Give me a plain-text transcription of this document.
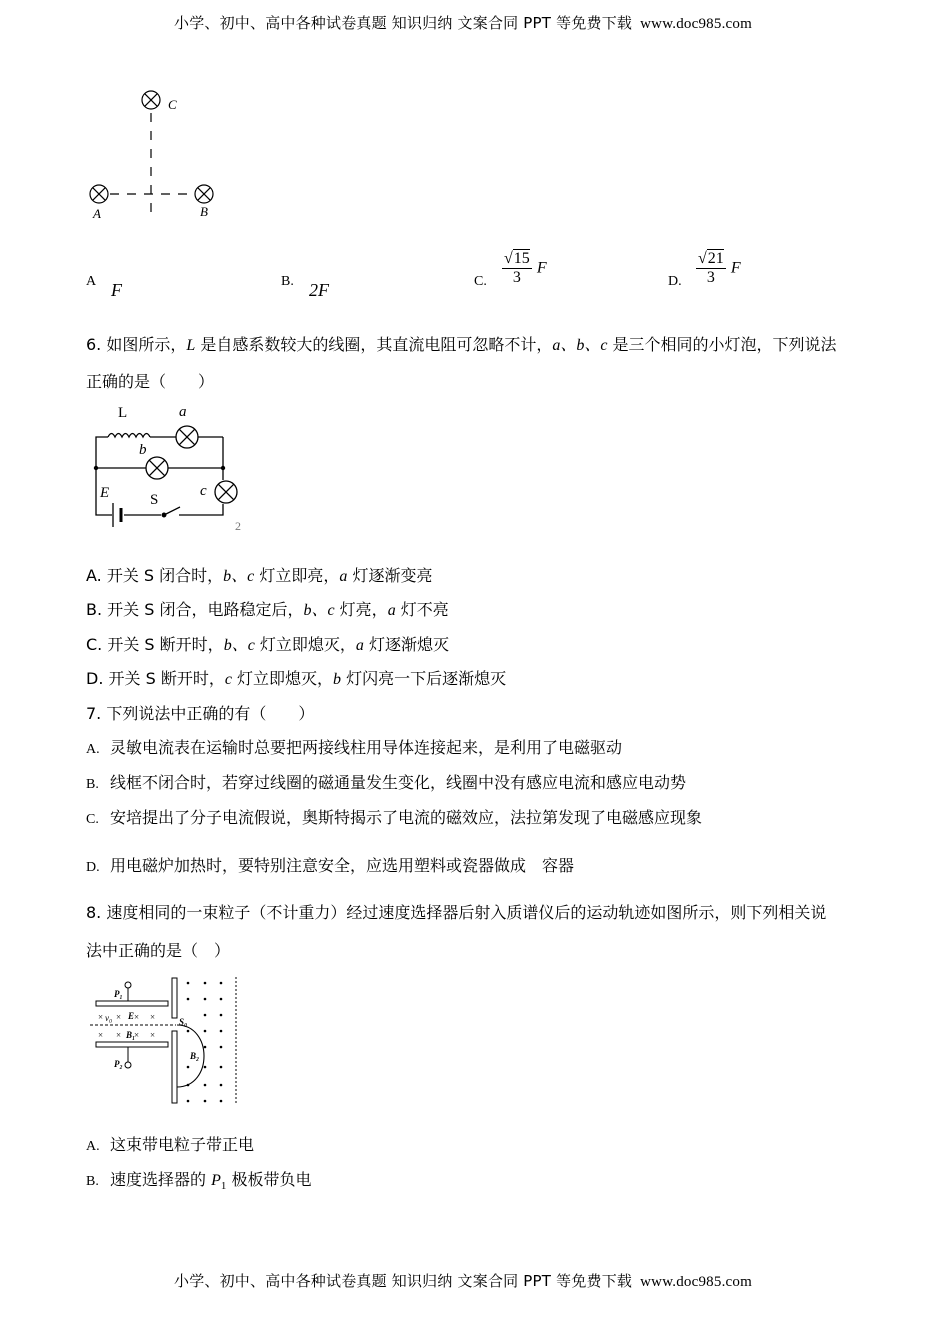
小学、初中、高中各种试卷真题 知识归纳 文案合同 PPT 等免费下载 www.doc985.com
C
A	B
A F	B. 2F	C. $\frac{√15}{3}$ F
D. $\frac{√21}{3}$ F
6. 如图所示，L 是自感系数较大的线圈，其直流电阻可忽略不计，a、b、c 是三个相同的小灯泡，下列说法
正确的是（　　）
L	a
b
E	S
c
2
A. 开关 S 闭合时，b、c 灯立即亮，a 灯逐渐变亮
B. 开关 S 闭合，电路稳定后，b、c 灯亮，a 灯不亮
C. 开关 S 断开时，b、c 灯立即熄灭，a 灯逐渐熄灭
D. 开关 S 断开时，c 灯立即熄灭，b 灯闪亮一下后逐渐熄灭
7. 下列说法中正确的有（　　）
A. 灵敏电流表在运输时总要把两接线柱用导体连接起来，是利用了电磁驱动
B. 线框不闭合时，若穿过线圈的磁通量发生变化，线圈中没有感应电流和感应电动势
C. 安培提出了分子电流假说，奥斯特揭示了电流的磁效应，法拉第发现了电磁感应现象
D. 用电磁炉加热时，要特别注意安全，应选用塑料或瓷器做成　容器
8. 速度相同的一束粒子（不计重力）经过速度选择器后射入质谱仪后的运动轨迹如图所示，则下列相关说
法中正确的是（　）
× × × ×
× × × ×
P₁
P₂
v₀ E
B₁
S₀
B₂
A. 这束带电粒子带正电
B. 速度选择器的 $P_1$ 极板带负电
小学、初中、高中各种试卷真题 知识归纳 文案合同 PPT 等免费下载 www.doc985.com
